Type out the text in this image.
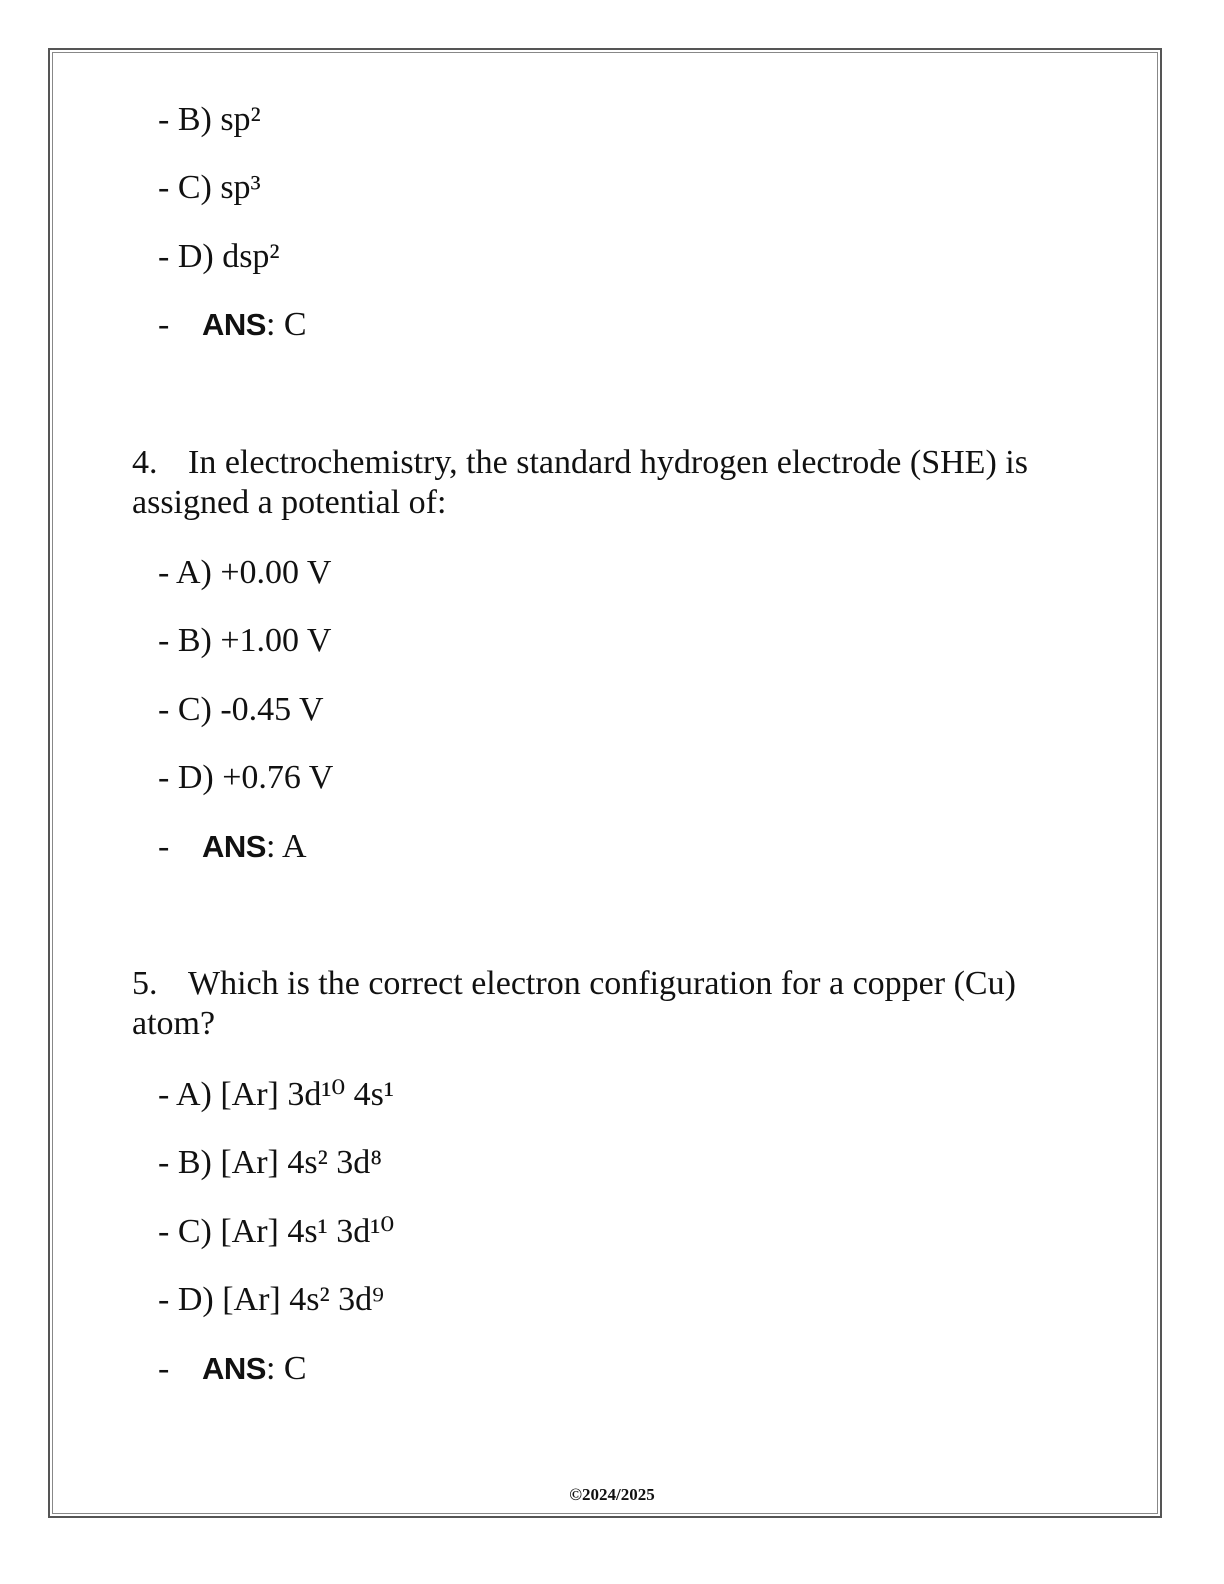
- B) sp²
- C) sp³
- D) dsp²
- ANS: C
4. In electrochemistry, the standard hydrogen electrode (SHE) is
assigned a potential of:
- A) +0.00 V
- B) +1.00 V
- C) -0.45 V
- D) +0.76 V
- ANS: A
5. Which is the correct electron configuration for a copper (Cu)
atom?
- A) [Ar] 3d¹⁰ 4s¹
- B) [Ar] 4s² 3d⁸
- C) [Ar] 4s¹ 3d¹⁰
- D) [Ar] 4s² 3d⁹
- ANS: C
©2024/2025
